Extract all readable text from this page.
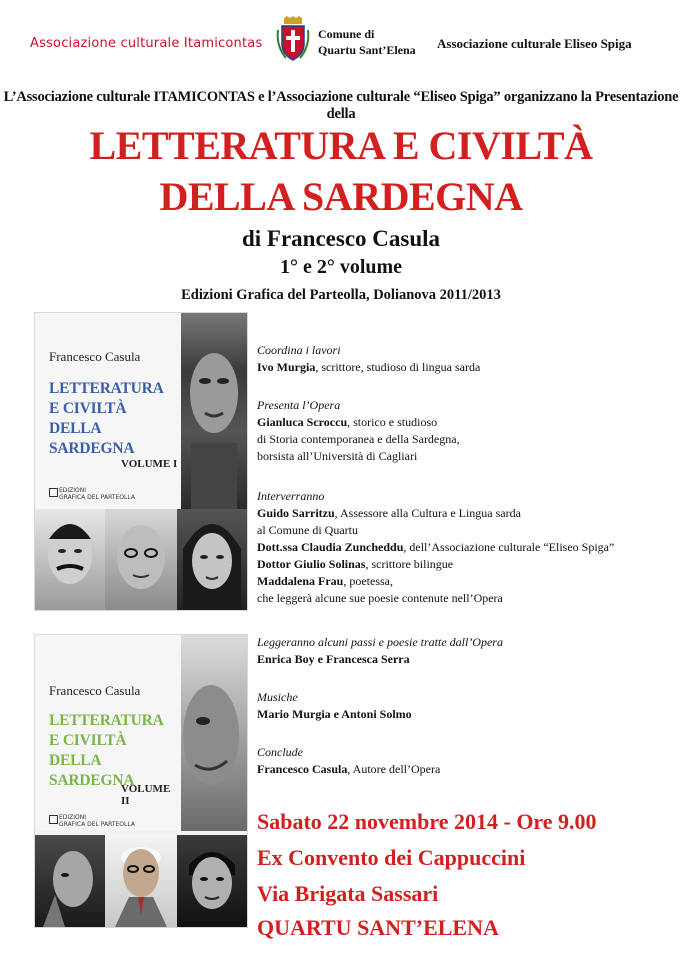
Associazione culturale Itamicontas
Comune di
Quartu Sant’Elena Associazione culturale Eliseo Spiga
L’Associazione culturale ITAMICONTAS e l’Associazione culturale “Eliseo Spiga” organizzano la Presentazione della
LETTERATURA E CIVILTÀ
DELLA SARDEGNA
di Francesco Casula
1° e 2° volume
Edizioni Grafica del Parteolla, Dolianova 2011/2013
Francesco Casula
LETTERATURA
E CIVILTÀ
DELLA SARDEGNA
VOLUME I
EDIZIONI
GRAFICA DEL PARTEOLLA
Francesco Casula
LETTERATURA
E CIVILTÀ
DELLA SARDEGNA
VOLUME II
EDIZIONI
GRAFICA DEL PARTEOLLA
Coordina i lavori
Ivo Murgia, scrittore, studioso di lingua sarda
Presenta l’Opera
Gianluca Scroccu, storico e studioso
di Storia contemporanea e della Sardegna,
borsista all’Università di Cagliari
Interverranno
Guido Sarritzu, Assessore alla Cultura e Lingua sarda
al Comune di Quartu
Dott.ssa Claudia Zuncheddu, dell’Associazione culturale “Eliseo Spiga”
Dottor Giulio Solinas, scrittore bilingue
Maddalena Frau, poetessa,
che leggerà alcune sue poesie contenute nell’Opera
Leggeranno alcuni passi e poesie tratte dall’Opera
Enrica Boy e Francesca Serra
Musiche
Mario Murgia e Antoni Solmo
Conclude
Francesco Casula, Autore dell’Opera
Sabato 22 novembre 2014 - Ore 9.00
Ex Convento dei Cappuccini
Via Brigata Sassari
QUARTU SANT’ELENA
